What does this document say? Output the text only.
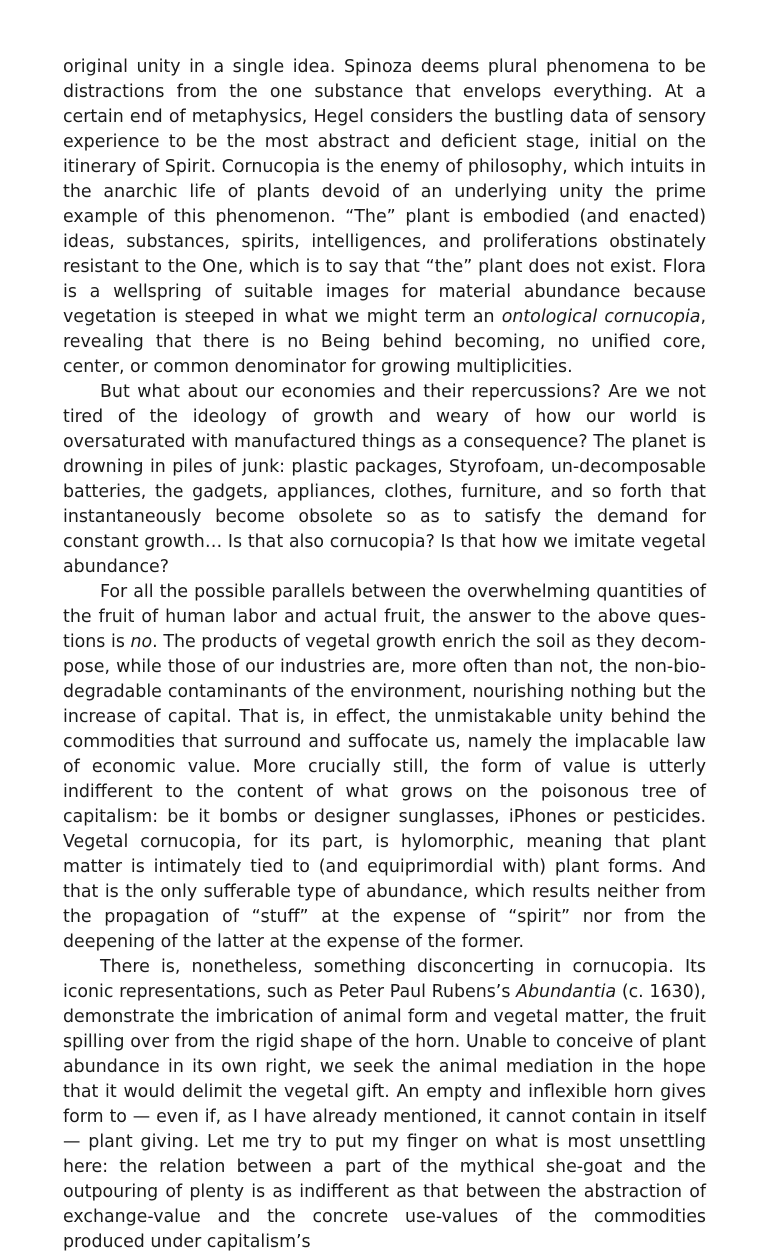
original unity in a single idea. Spinoza deems plural phenomena to be distractions from the one substance that envelops everything. At a certain end of metaphysics, Hegel considers the bustling data of sensory experience to be the most abstract and deficient stage, initial on the itinerary of Spirit. Cornucopia is the enemy of philosophy, which intuits in the anarchic life of plants devoid of an underlying unity the prime example of this phenomenon. “The” plant is embodied (and enacted) ideas, substances, spirits, intelligences, and proliferations obstinately resistant to the One, which is to say that “the” plant does not exist. Flora is a wellspring of suitable images for material abundance because vegetation is steeped in what we might term an ontological cornucopia, revealing that there is no Being behind becoming, no unified core, center, or common denominator for growing multiplicities.

But what about our economies and their repercussions? Are we not tired of the ideology of growth and weary of how our world is oversaturated with manufactured things as a consequence? The planet is drowning in piles of junk: plastic packages, Styrofoam, un-decomposable batteries, the gadgets, appliances, clothes, furniture, and so forth that instantaneously become obsolete so as to satisfy the demand for constant growth… Is that also cornucopia? Is that how we imitate vegetal abundance?

For all the possible parallels between the overwhelming quantities of the fruit of human labor and actual fruit, the answer to the above questions is no. The products of vegetal growth enrich the soil as they decompose, while those of our industries are, more often than not, the non-biodegradable contaminants of the environment, nourishing nothing but the increase of capital. That is, in effect, the unmistakable unity behind the commodities that surround and suffocate us, namely the implacable law of economic value. More crucially still, the form of value is utterly indifferent to the content of what grows on the poisonous tree of capitalism: be it bombs or designer sunglasses, iPhones or pesticides. Vegetal cornucopia, for its part, is hylomorphic, meaning that plant matter is intimately tied to (and equiprimordial with) plant forms. And that is the only sufferable type of abundance, which results neither from the propagation of “stuff” at the expense of “spirit” nor from the deepening of the latter at the expense of the former.

There is, nonetheless, something disconcerting in cornucopia. Its iconic representations, such as Peter Paul Rubens’s Abundantia (c. 1630), demonstrate the imbrication of animal form and vegetal matter, the fruit spilling over from the rigid shape of the horn. Unable to conceive of plant abundance in its own right, we seek the animal mediation in the hope that it would delimit the vegetal gift. An empty and inflexible horn gives form to — even if, as I have already mentioned, it cannot contain in itself — plant giving. Let me try to put my finger on what is most unsettling here: the relation between a part of the mythical she-goat and the outpouring of plenty is as indifferent as that between the abstraction of exchange-value and the concrete use-values of the commodities produced under capitalism’s
